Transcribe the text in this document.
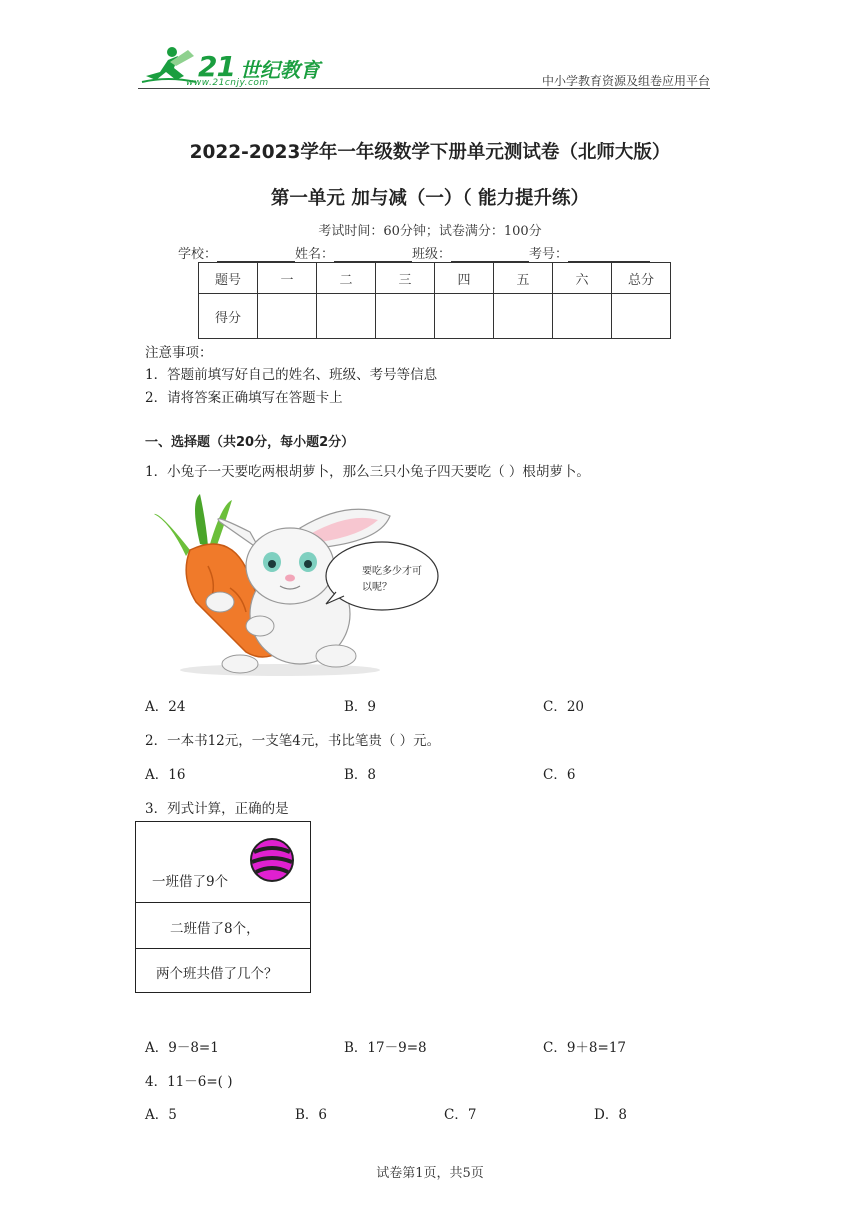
21 世纪教育
www.21cnjy.com	中小学教育资源及组卷应用平台
2022-2023学年一年级数学下册单元测试卷（北师大版）
第一单元 加与减（一）（ 能力提升练）
考试时间：60分钟；试卷满分：100分
学校：	姓名：	班级：	考号：
题号	一	二	三	四	五	六	总分
得分							
注意事项：
1．答题前填写好自己的姓名、班级、考号等信息
2．请将答案正确填写在答题卡上
一、选择题（共20分，每小题2分）
1．小兔子一天要吃两根胡萝卜，那么三只小兔子四天要吃（ ）根胡萝卜。
要吃多少才可
以呢？
A．24	B．9	C．20
2．一本书12元，一支笔4元，书比笔贵（ ）元。
A．16	B．8	C．6
3．列式计算，正确的是
一班借了9个
二班借了8个，
两个班共借了几个？
A．9－8=1	B．17－9=8	C．9＋8=17
4．11－6=( )
A．5	B．6	C．7	D．8
试卷第1页，共5页
